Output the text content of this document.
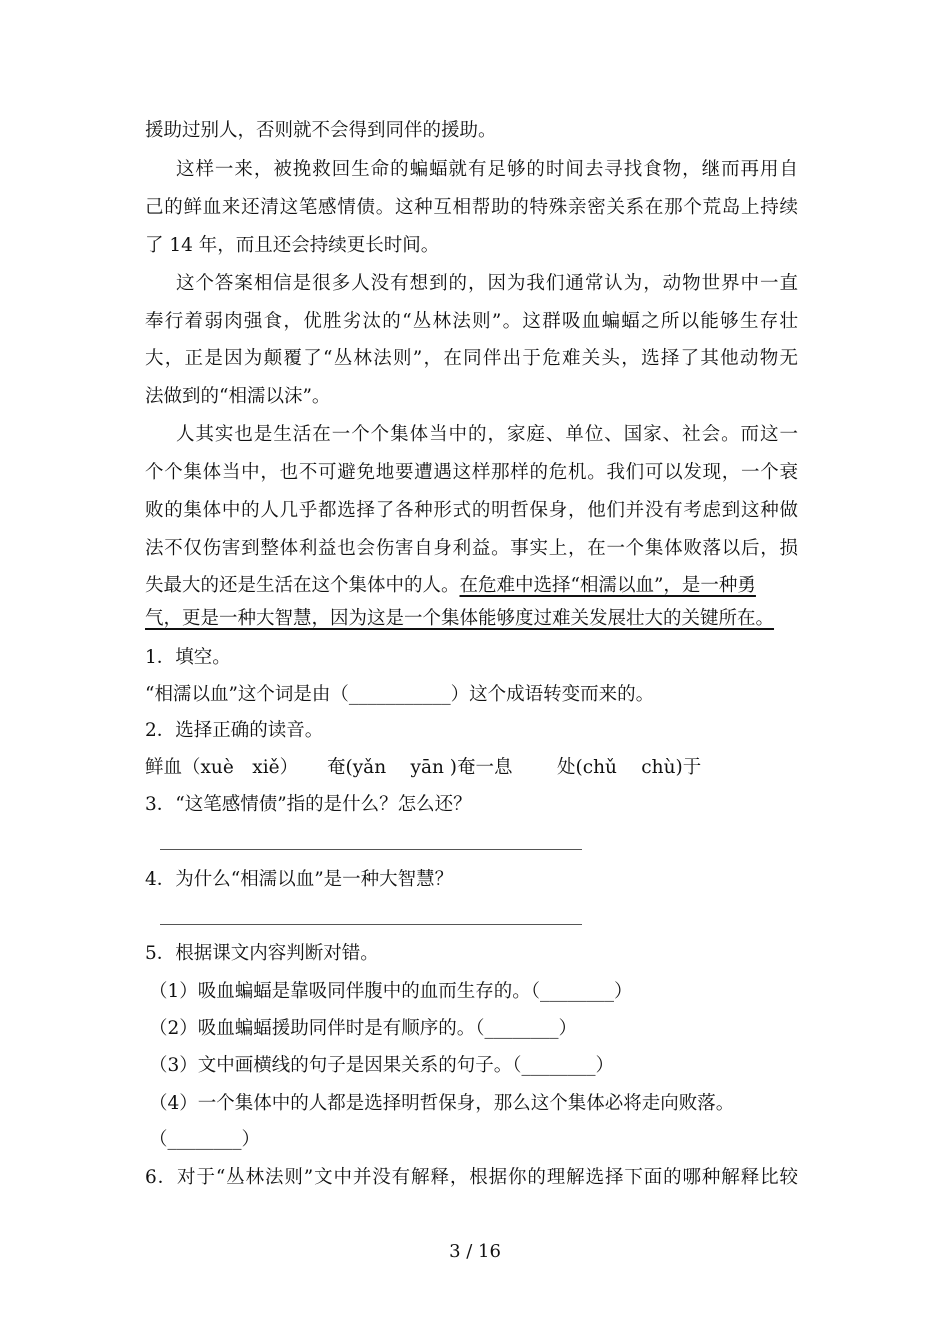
援助过别人，否则就不会得到同伴的援助。
这样一来，被挽救回生命的蝙蝠就有足够的时间去寻找食物，继而再用自
己的鲜血来还清这笔感情债。这种互相帮助的特殊亲密关系在那个荒岛上持续
了 14 年，而且还会持续更长时间。
这个答案相信是很多人没有想到的，因为我们通常认为，动物世界中一直
奉行着弱肉强食，优胜劣汰的“丛林法则”。这群吸血蝙蝠之所以能够生存壮
大，正是因为颠覆了“丛林法则”，在同伴出于危难关头，选择了其他动物无
法做到的“相濡以沫”。
人其实也是生活在一个个集体当中的，家庭、单位、国家、社会。而这一
个个集体当中，也不可避免地要遭遇这样那样的危机。我们可以发现，一个衰
败的集体中的人几乎都选择了各种形式的明哲保身，他们并没有考虑到这种做
法不仅伤害到整体利益也会伤害自身利益。事实上，在一个集体败落以后，损
失最大的还是生活在这个集体中的人。在危难中选择“相濡以血”，是一种勇
气，更是一种大智慧，因为这是一个集体能够度过难关发展壮大的关键所在。
1．填空。
“相濡以血”这个词是由（___________）这个成语转变而来的。
2．选择正确的读音。
鲜血（xuè　xiě） 奄(yǎn　 yān )奄一息 处(chǔ　 chù)于
3．“这笔感情债”指的是什么？怎么还？
4．为什么“相濡以血”是一种大智慧？
5．根据课文内容判断对错。
（1）吸血蝙蝠是靠吸同伴腹中的血而生存的。（________）
（2）吸血蝙蝠援助同伴时是有顺序的。（________）
（3）文中画横线的句子是因果关系的句子。（________）
（4）一个集体中的人都是选择明哲保身，那么这个集体必将走向败落。
（________）
6．对于“丛林法则”文中并没有解释，根据你的理解选择下面的哪种解释比较
3 / 16
